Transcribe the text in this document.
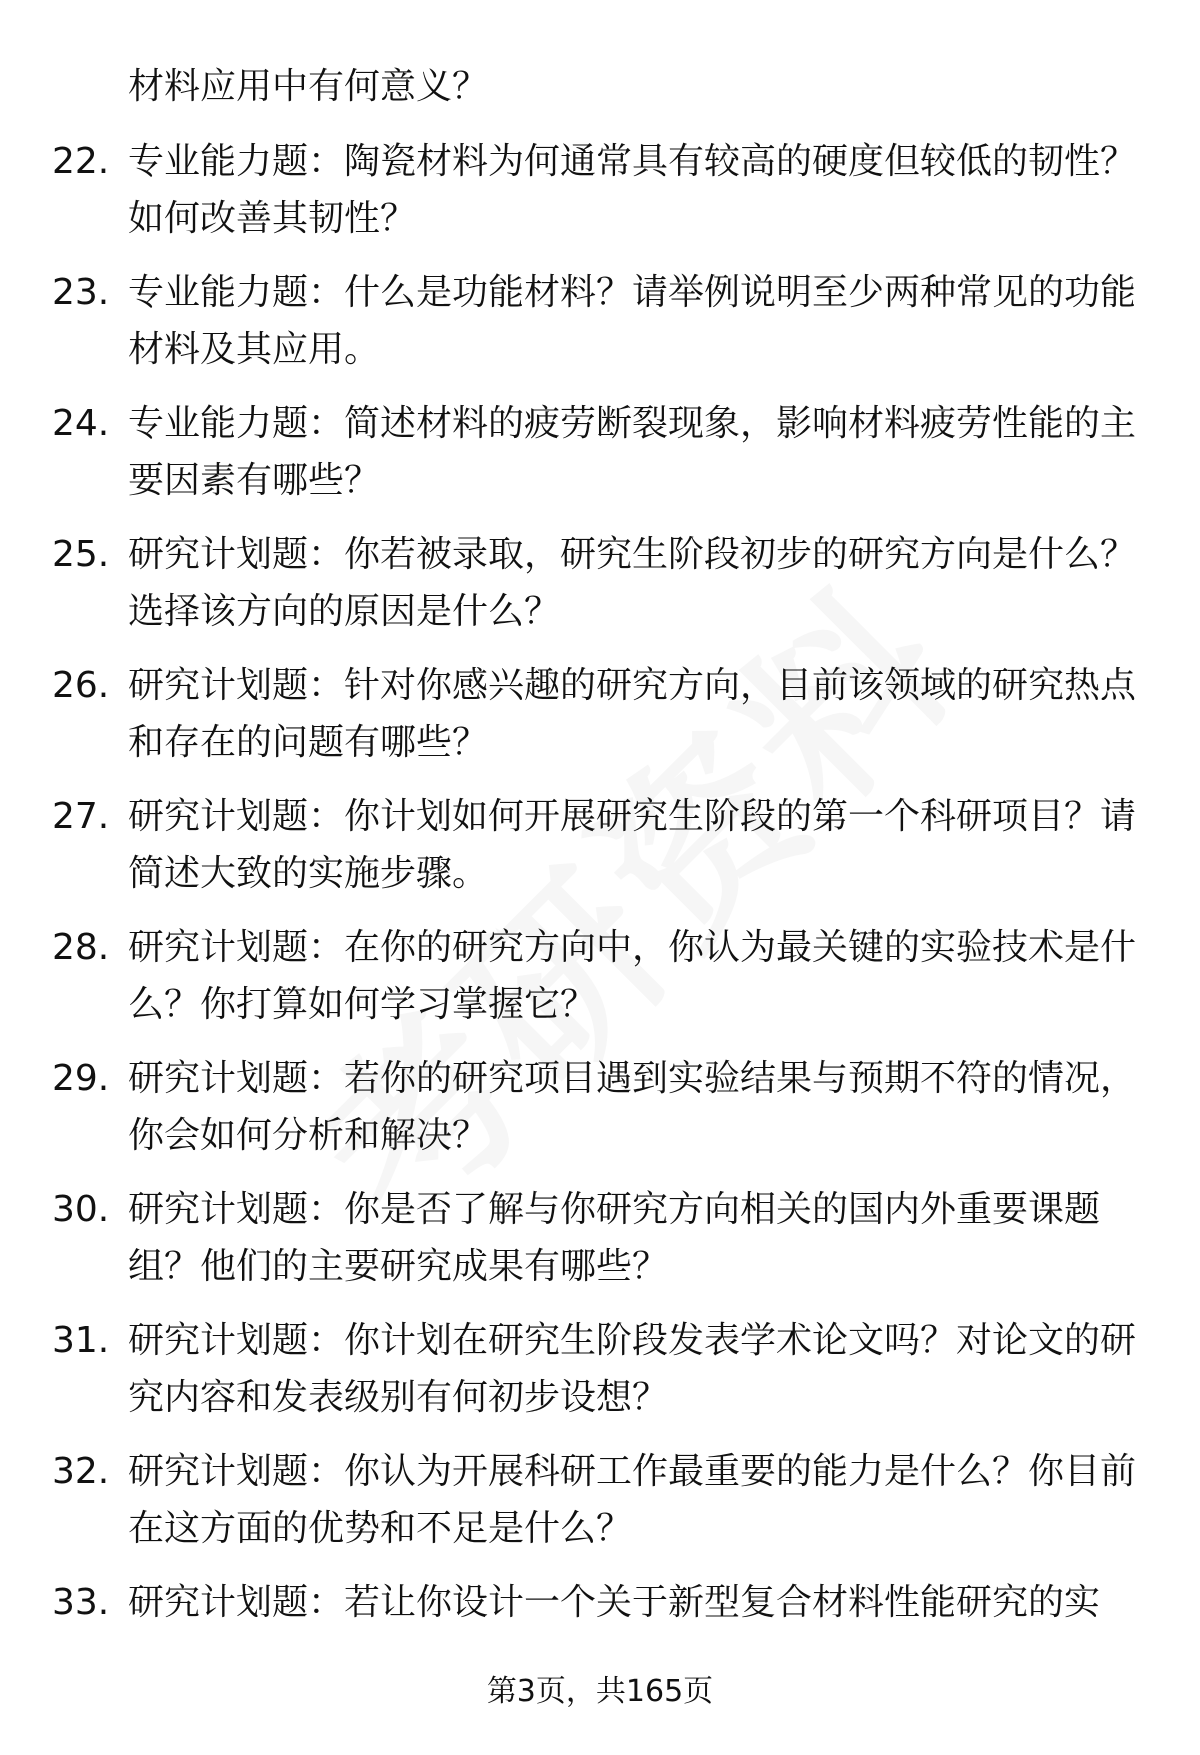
材料应用中有何意义？
22. 专业能力题：陶瓷材料为何通常具有较高的硬度但较低的韧性？
如何改善其韧性？
23. 专业能力题：什么是功能材料？请举例说明至少两种常见的功能
材料及其应用。
24. 专业能力题：简述材料的疲劳断裂现象，影响材料疲劳性能的主
要因素有哪些？
25. 研究计划题：你若被录取，研究生阶段初步的研究方向是什么？
选择该方向的原因是什么？
26. 研究计划题：针对你感兴趣的研究方向，目前该领域的研究热点
和存在的问题有哪些？
27. 研究计划题：你计划如何开展研究生阶段的第一个科研项目？请
简述大致的实施步骤。
28. 研究计划题：在你的研究方向中，你认为最关键的实验技术是什
么？你打算如何学习掌握它？
29. 研究计划题：若你的研究项目遇到实验结果与预期不符的情况，
你会如何分析和解决？
30. 研究计划题：你是否了解与你研究方向相关的国内外重要课题
组？他们的主要研究成果有哪些？
31. 研究计划题：你计划在研究生阶段发表学术论文吗？对论文的研
究内容和发表级别有何初步设想？
32. 研究计划题：你认为开展科研工作最重要的能力是什么？你目前
在这方面的优势和不足是什么？
33. 研究计划题：若让你设计一个关于新型复合材料性能研究的实
第3页，共165页
